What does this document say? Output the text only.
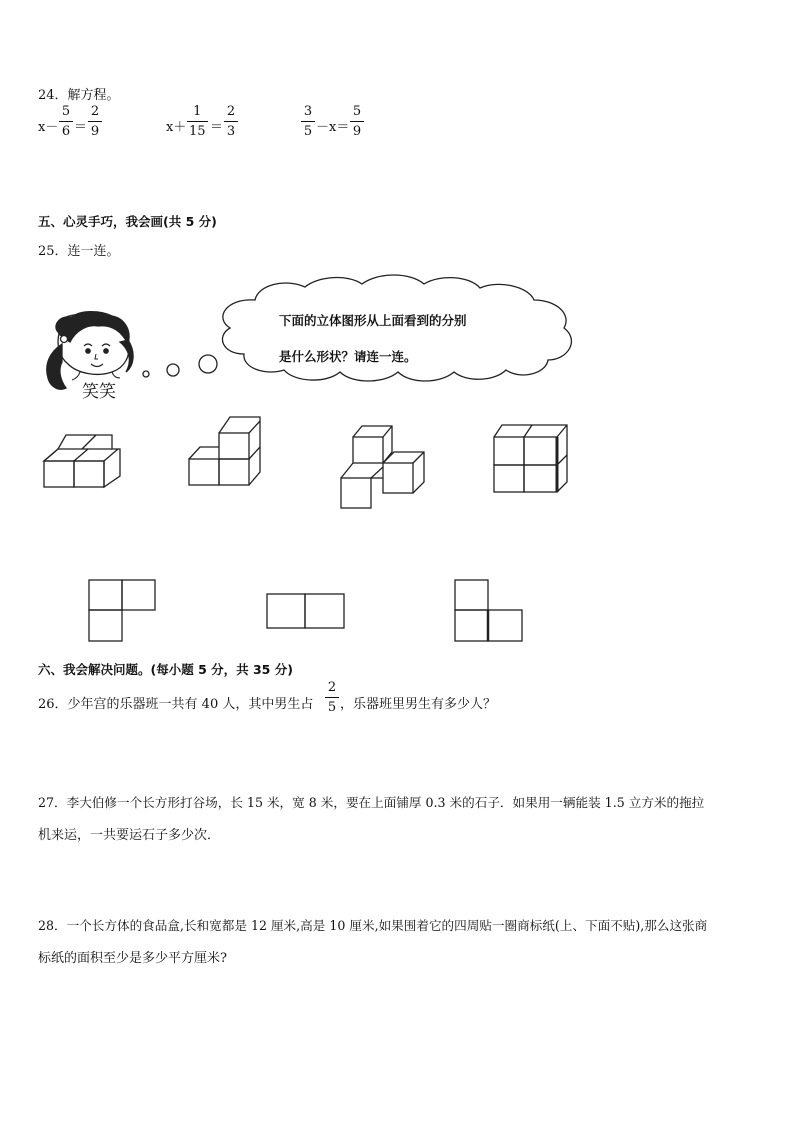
24．解方程。
x－
5
6 ＝
2
9	x＋
1
15 ＝
2
3
3
5 －x＝
5
9
五、心灵手巧，我会画(共 5 分)
25．连一连。
笑笑
下面的立体图形从上面看到的分别
是什么形状？请连一连。
六、我会解决问题。(每小题 5 分，共 35 分)
26．少年宫的乐器班一共有 40 人，其中男生占
2
5 ，乐器班里男生有多少人？
27．李大伯修一个长方形打谷场，长 15 米，宽 8 米，要在上面铺厚 0.3 米的石子．如果用一辆能装 1.5 立方米的拖拉
机来运，一共要运石子多少次．
28．一个长方体的食品盒,长和宽都是 12 厘米,高是 10 厘米,如果围着它的四周贴一圈商标纸(上、下面不贴),那么这张商
标纸的面积至少是多少平方厘米?
